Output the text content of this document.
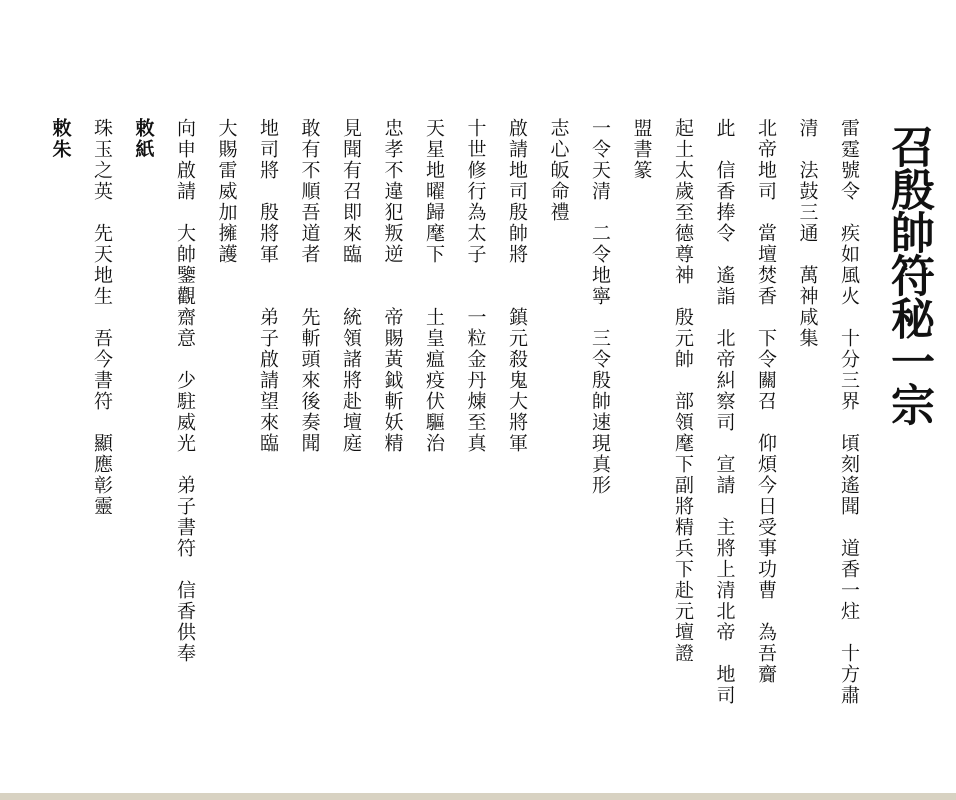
召殷帥符秘一宗
雷霆號令　疾如風火　十分三界　頃刻遙聞　道香一炷　十方肅
清　法鼓三通　萬神咸集
北帝地司　當壇焚香　下令關召　仰煩今日受事功曹　為吾齎
此　信香捧令　遙詣　北帝糾察司　宣請　主將上清北帝　地司
起土太歲至德尊神　殷元帥　部領麾下副將精兵下赴元壇證
盟書篆
一令天清　二令地寧　三令殷帥速現真形
志心皈命禮
啟請地司殷帥將　　鎮元殺鬼大將軍
十世修行為太子　　一粒金丹煉至真
天星地曜歸麾下　　土皇瘟疫伏驅治
忠孝不違犯叛逆　　帝賜黃鉞斬妖精
見聞有召即來臨　　統領諸將赴壇庭
敢有不順吾道者　　先斬頭來後奏聞
地司將　殷將軍　　弟子啟請望來臨
大賜雷威加擁護
向申啟請　大帥鑒觀齋意　少駐威光　弟子書符　信香供奉
敕紙
珠玉之英　先天地生　吾今書符　顯應彰靈
敕朱
